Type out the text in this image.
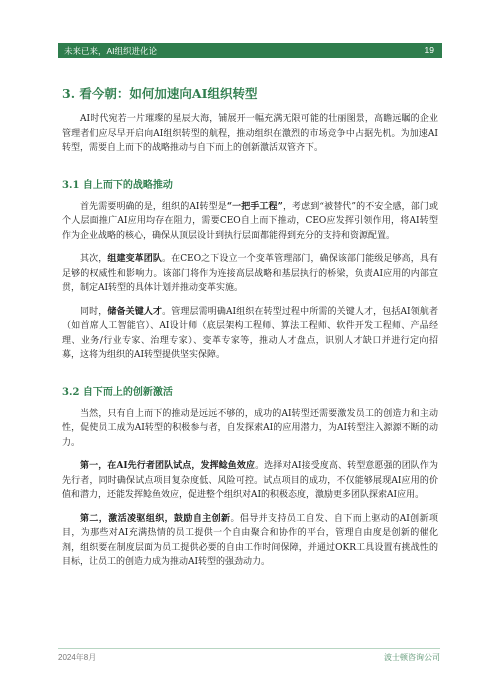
未来已来，AI组织进化论	19
3. 看今朝：如何加速向AI组织转型

AI时代宛若一片璀璨的星辰大海，铺展开一幅充满无限可能的壮丽图景，高瞻远瞩的企业管理者们应尽早开启向AI组织转型的航程，推动组织在激烈的市场竞争中占据先机。为加速AI转型，需要自上而下的战略推动与自下而上的创新激活双管齐下。

3.1 自上而下的战略推动

首先需要明确的是，组织的AI转型是“一把手工程”，考虑到“被替代”的不安全感，部门或个人层面推广AI应用均存在阻力，需要CEO自上而下推动，CEO应发挥引领作用，将AI转型作为企业战略的核心，确保从顶层设计到执行层面都能得到充分的支持和资源配置。

其次，组建变革团队。在CEO之下设立一个变革管理部门，确保该部门能级足够高，具有足够的权威性和影响力。该部门将作为连接高层战略和基层执行的桥梁，负责AI应用的内部宣贯，制定AI转型的具体计划并推动变革实施。

同时，储备关键人才。管理层需明确AI组织在转型过程中所需的关键人才，包括AI领航者（如首席人工智能官）、AI设计师（底层架构工程师、算法工程师、软件开发工程师、产品经理、业务/行业专家、治理专家）、变革专家等，推动人才盘点，识别人才缺口并进行定向招募，这将为组织的AI转型提供坚实保障。

3.2 自下而上的创新激活

当然，只有自上而下的推动是远远不够的，成功的AI转型还需要激发员工的创造力和主动性，促使员工成为AI转型的积极参与者，自发探索AI的应用潜力，为AI转型注入源源不断的动力。

第一，在AI先行者团队试点，发挥鲶鱼效应。选择对AI接受度高、转型意愿强的团队作为先行者，同时确保试点项目复杂度低、风险可控。试点项目的成功，不仅能够展现AI应用的价值和潜力，还能发挥鲶鱼效应，促进整个组织对AI的积极态度，激励更多团队探索AI应用。

第二，激活凌驱组织，鼓励自主创新。倡导并支持员工自发、自下而上驱动的AI创新项目，为那些对AI充满热情的员工提供一个自由聚合和协作的平台，管理自由度是创新的催化剂，组织要在制度层面为员工提供必要的自由工作时间保障，并通过OKR工具设置有挑战性的目标，让员工的创造力成为推动AI转型的强劲动力。

2024年8月	波士顿咨询公司
